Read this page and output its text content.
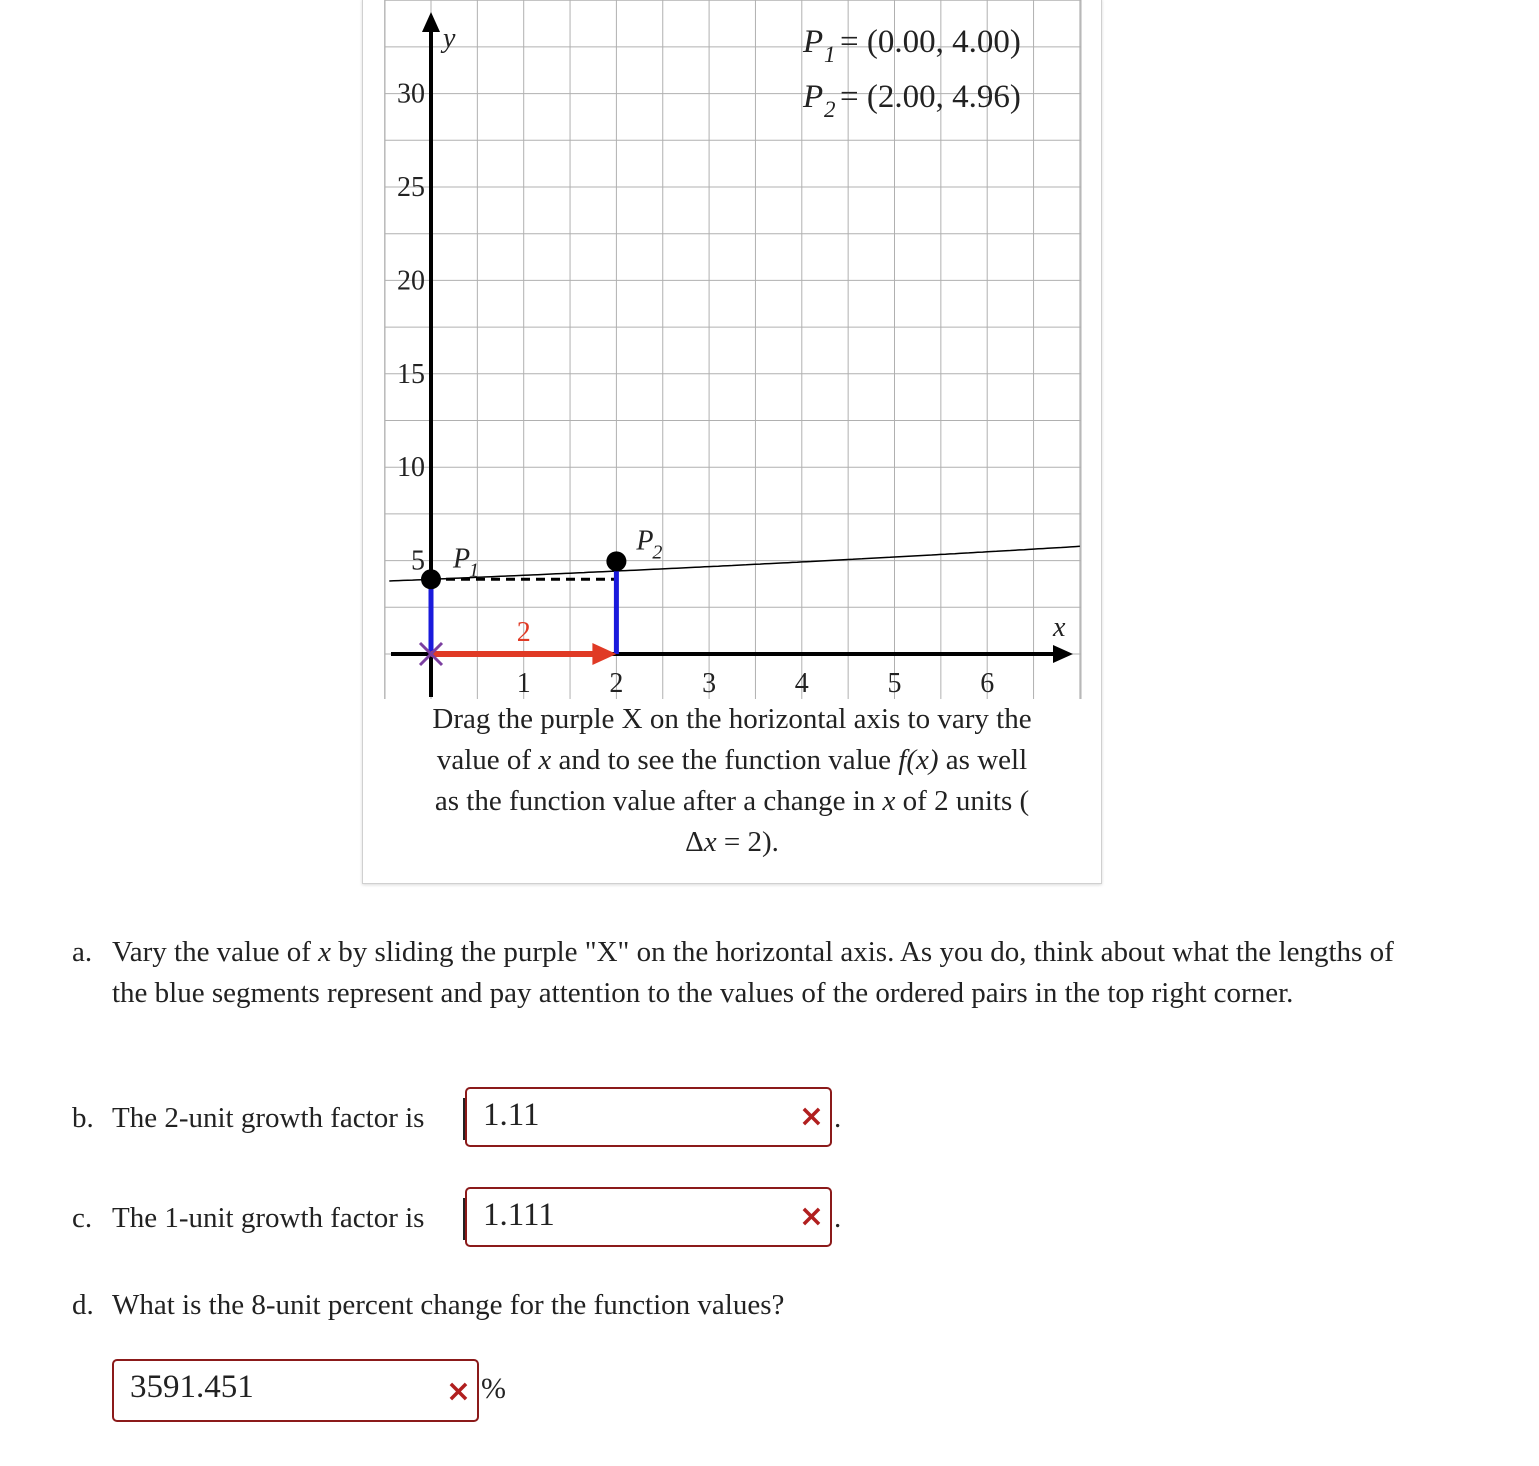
y
x
1	2	3	4	5	6
5
10
15
20
25
30
2
P
1
P
2
P 1 = (0.00, 4.00)
P 2 = (2.00, 4.96)
Drag the purple X on the horizontal axis to vary the
value of x and to see the function value f(x) as well
as the function value after a change in x of 2 units (
Δx = 2).
a. Vary the value of x by sliding the purple "X" on the horizontal axis. As you do, think about what the lengths of the blue segments represent and pay attention to the values of the ordered pairs in the top right corner.
b. The 2-unit growth factor is 1.11	× .
c. The 1-unit growth factor is 1.111	× .
d. What is the 8-unit percent change for the function values?
3591.451	× %
